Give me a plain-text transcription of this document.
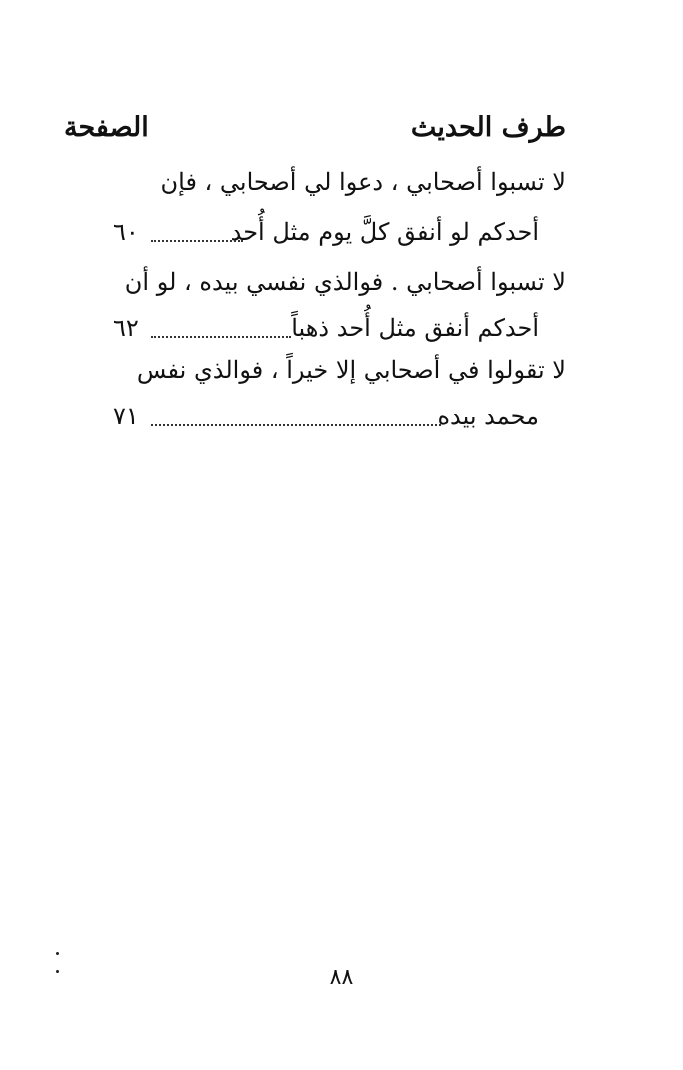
طرف الحديث
الصفحة
لا تسبوا أصحابي ، دعوا لي أصحابي ، فإن
أحدكم لو أنفق كلَّ يوم مثل أُحد
٦٠
لا تسبوا أصحابي . فوالذي نفسي بيده ، لو أن
أحدكم أنفق مثل أُحد ذهباً
٦٢
لا تقولوا في أصحابي إلا خيراً ، فوالذي نفس
محمد بيده
٧١
٨٨
